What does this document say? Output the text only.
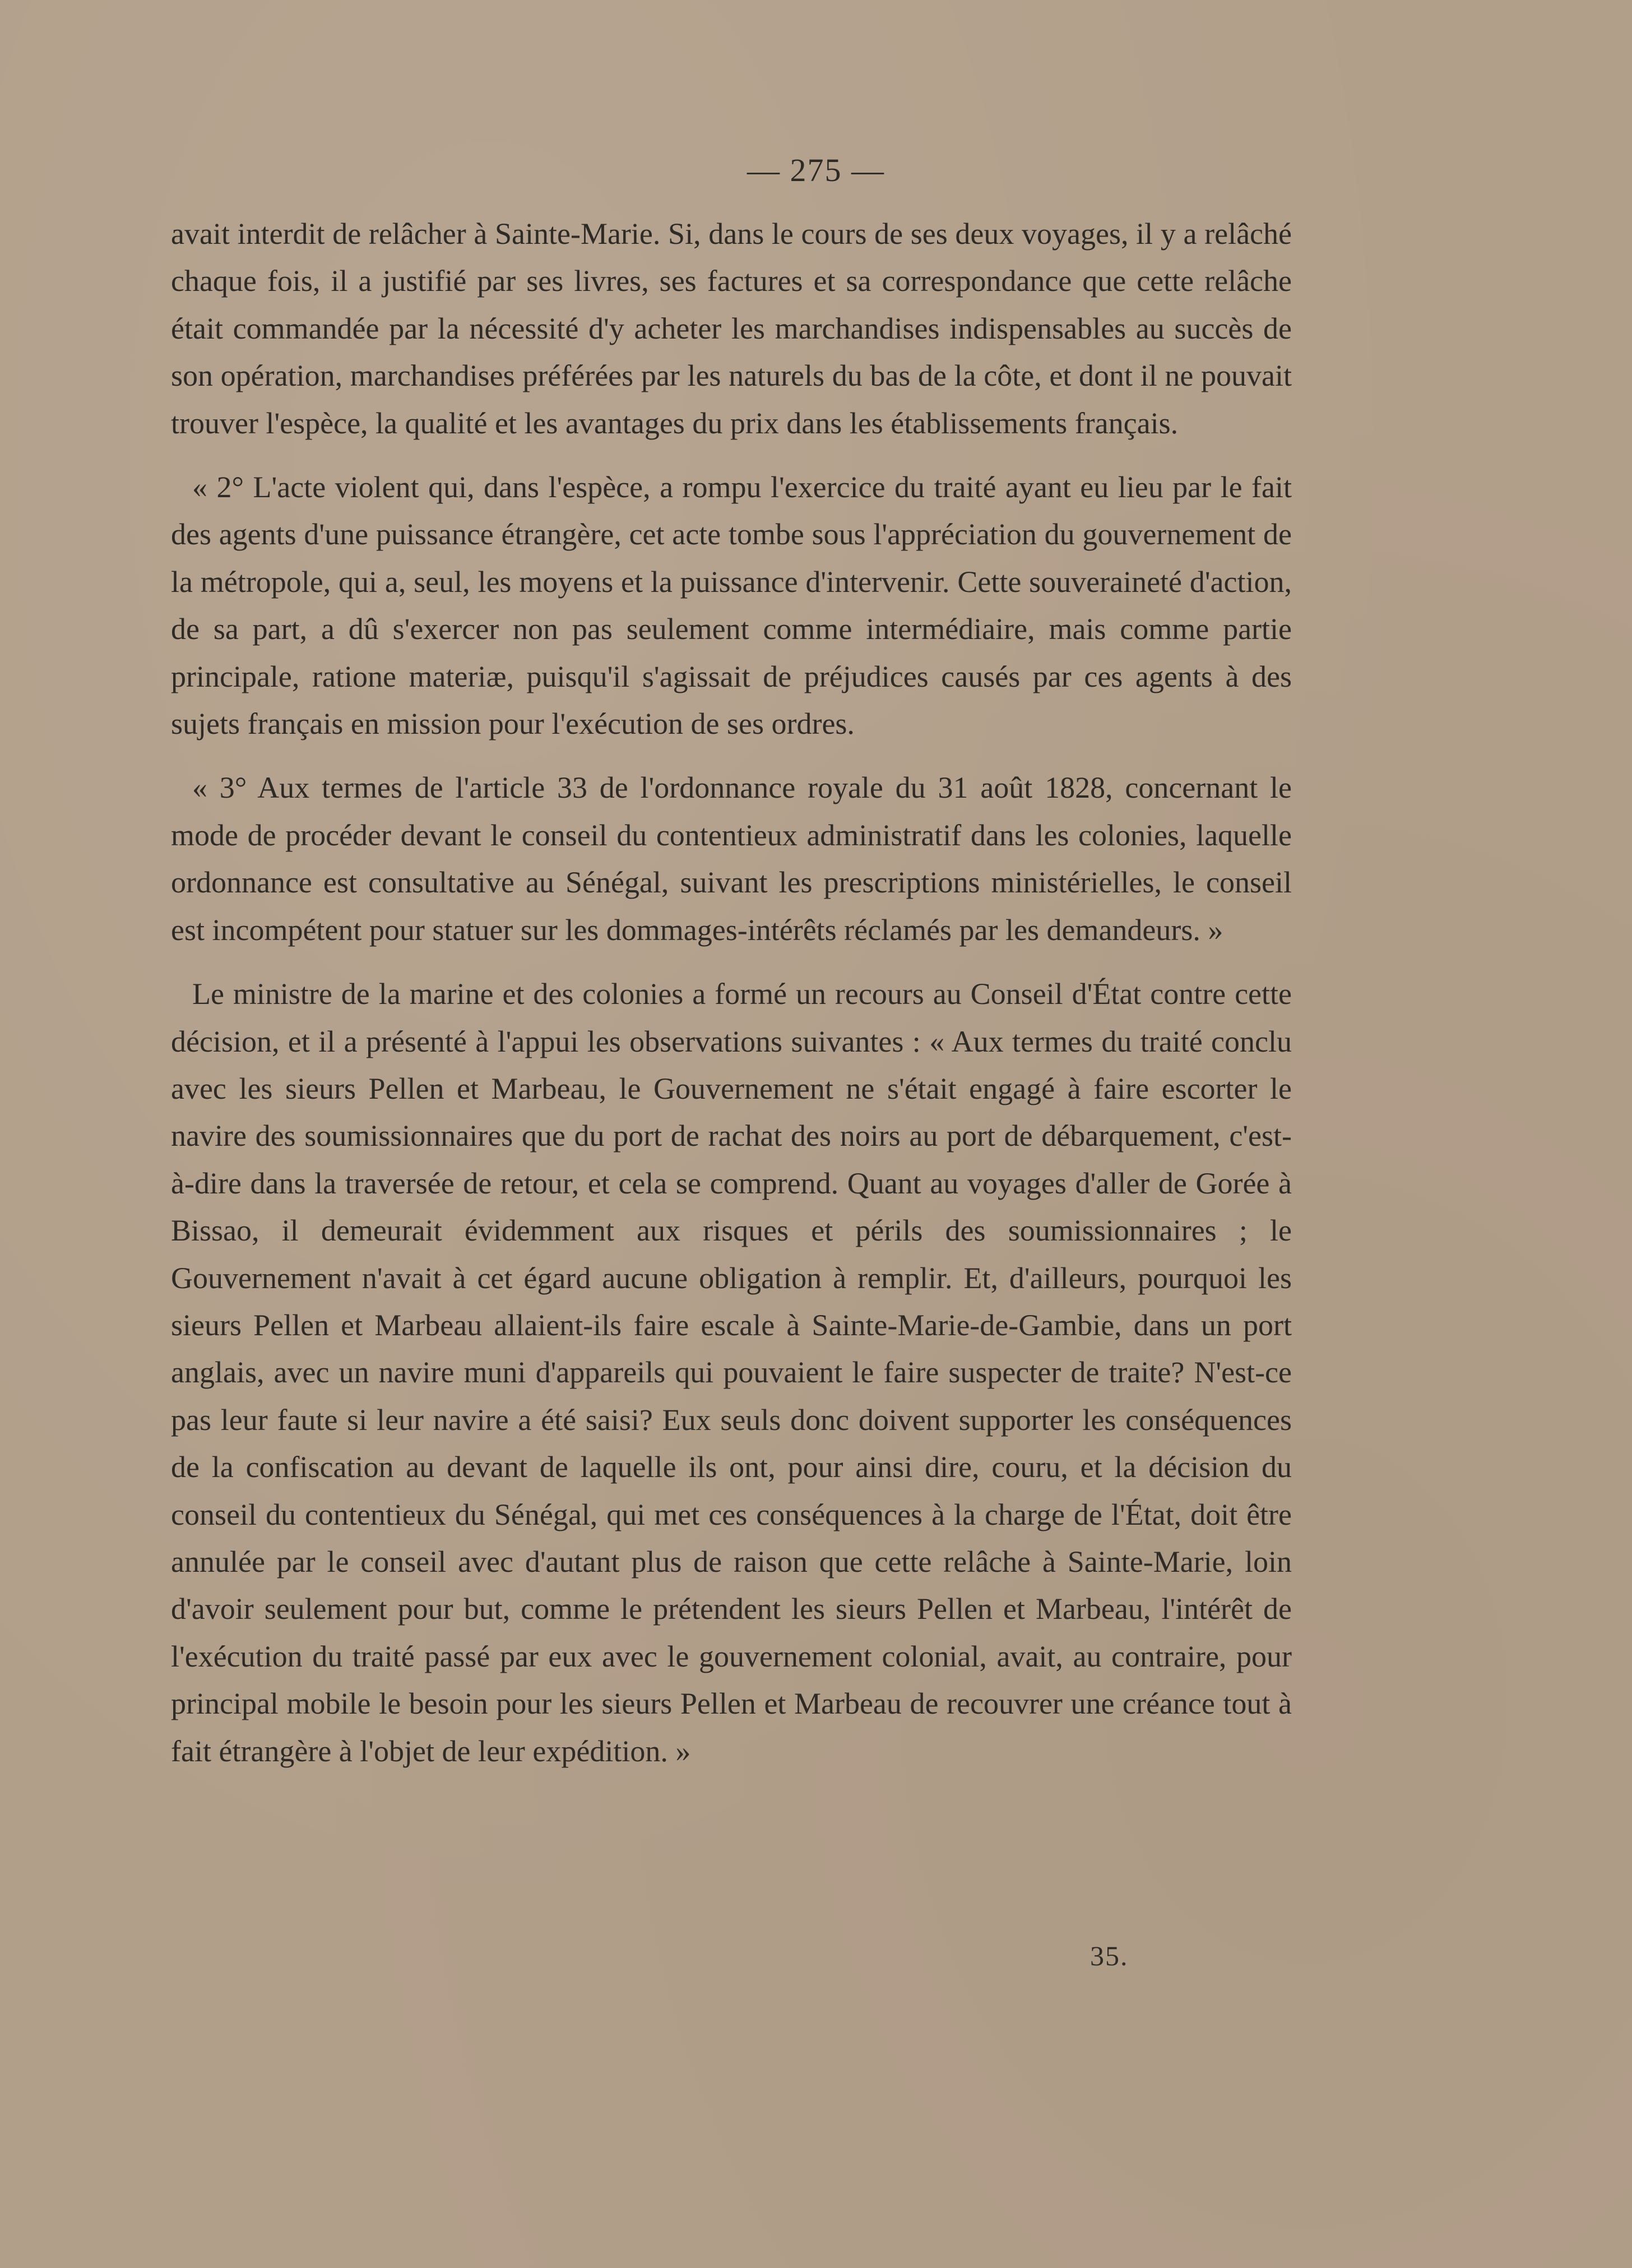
— 275 —

avait interdit de relâcher à Sainte-Marie. Si, dans le cours de ses deux voyages, il y a relâché chaque fois, il a justifié par ses livres, ses factures et sa correspondance que cette relâche était commandée par la nécessité d'y acheter les marchandises indispensables au succès de son opération, marchandises préférées par les naturels du bas de la côte, et dont il ne pouvait trouver l'espèce, la qualité et les avantages du prix dans les établissements français.

« 2° L'acte violent qui, dans l'espèce, a rompu l'exercice du traité ayant eu lieu par le fait des agents d'une puissance étrangère, cet acte tombe sous l'appréciation du gouvernement de la métropole, qui a, seul, les moyens et la puissance d'intervenir. Cette souveraineté d'action, de sa part, a dû s'exercer non pas seulement comme intermédiaire, mais comme partie principale, ratione materiæ, puisqu'il s'agissait de préjudices causés par ces agents à des sujets français en mission pour l'exécution de ses ordres.

« 3° Aux termes de l'article 33 de l'ordonnance royale du 31 août 1828, concernant le mode de procéder devant le conseil du contentieux administratif dans les colonies, laquelle ordonnance est consultative au Sénégal, suivant les prescriptions ministérielles, le conseil est incompétent pour statuer sur les dommages-intérêts réclamés par les demandeurs. »

Le ministre de la marine et des colonies a formé un recours au Conseil d'État contre cette décision, et il a présenté à l'appui les observations suivantes : « Aux termes du traité conclu avec les sieurs Pellen et Marbeau, le Gouvernement ne s'était engagé à faire escorter le navire des soumissionnaires que du port de rachat des noirs au port de débarquement, c'est-à-dire dans la traversée de retour, et cela se comprend. Quant au voyages d'aller de Gorée à Bissao, il demeurait évidemment aux risques et périls des soumissionnaires ; le Gouvernement n'avait à cet égard aucune obligation à remplir. Et, d'ailleurs, pourquoi les sieurs Pellen et Marbeau allaient-ils faire escale à Sainte-Marie-de-Gambie, dans un port anglais, avec un navire muni d'appareils qui pouvaient le faire suspecter de traite? N'est-ce pas leur faute si leur navire a été saisi? Eux seuls donc doivent supporter les conséquences de la confiscation au devant de laquelle ils ont, pour ainsi dire, couru, et la décision du conseil du contentieux du Sénégal, qui met ces conséquences à la charge de l'État, doit être annulée par le conseil avec d'autant plus de raison que cette relâche à Sainte-Marie, loin d'avoir seulement pour but, comme le prétendent les sieurs Pellen et Marbeau, l'intérêt de l'exécution du traité passé par eux avec le gouvernement colonial, avait, au contraire, pour principal mobile le besoin pour les sieurs Pellen et Marbeau de recouvrer une créance tout à fait étrangère à l'objet de leur expédition. »

35.
